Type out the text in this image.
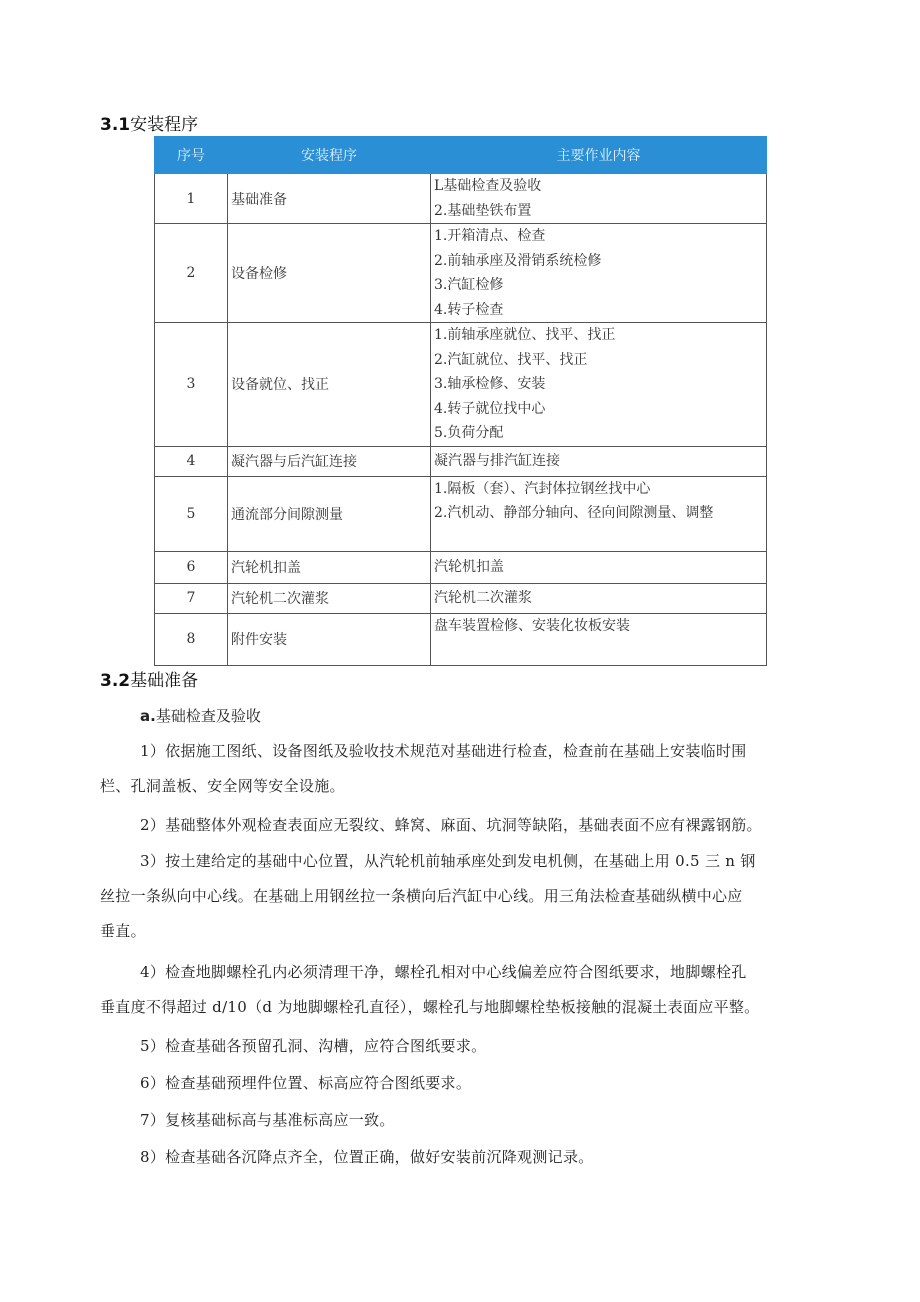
3.1安装程序
序号	安装程序	主要作业内容
1	基础准备	L基础检查及验收
2.基础垫铁布置

2	设备检修	1.开箱清点、检查
2.前轴承座及滑销系统检修
3.汽缸检修
4.转子检查

3	设备就位、找正	1.前轴承座就位、找平、找正
2.汽缸就位、找平、找正
3.轴承检修、安装
4.转子就位找中心
5.负荷分配

4	凝汽器与后汽缸连接	凝汽器与排汽缸连接

5	通流部分间隙测量	1.隔板（套）、汽封体拉钢丝找中心
2.汽机动、静部分轴向、径向间隙测量、调整

6	汽轮机扣盖	汽轮机扣盖

7	汽轮机二次灌浆	汽轮机二次灌浆

8	附件安装	盘车装置检修、安装化妆板安装
3.2基础准备
a.基础检查及验收
1）依据施工图纸、设备图纸及验收技术规范对基础进行检查，检查前在基础上安装临时围
栏、孔洞盖板、安全网等安全设施。
2）基础整体外观检查表面应无裂纹、蜂窝、麻面、坑洞等缺陷，基础表面不应有裸露钢筋。
3）按土建给定的基础中心位置，从汽轮机前轴承座处到发电机侧，在基础上用 0.5 三 n 钢
丝拉一条纵向中心线。在基础上用钢丝拉一条横向后汽缸中心线。用三角法检查基础纵横中心应
垂直。
4）检查地脚螺栓孔内必须清理干净，螺栓孔相对中心线偏差应符合图纸要求，地脚螺栓孔
垂直度不得超过 d/10（d 为地脚螺栓孔直径），螺栓孔与地脚螺栓垫板接触的混凝土表面应平整。
5）检查基础各预留孔洞、沟槽，应符合图纸要求。
6）检查基础预埋件位置、标高应符合图纸要求。
7）复核基础标高与基准标高应一致。
8）检查基础各沉降点齐全，位置正确，做好安装前沉降观测记录。
